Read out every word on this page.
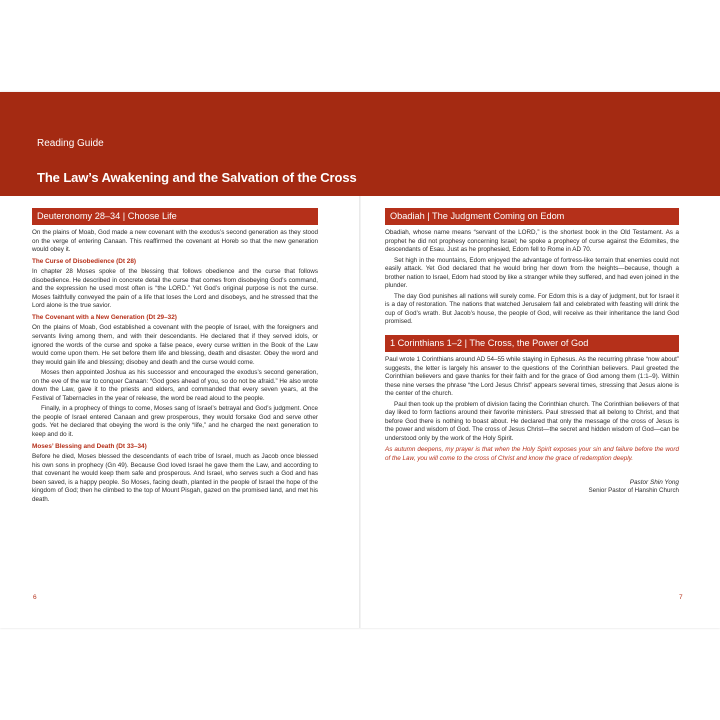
Reading Guide
The Law’s Awakening and the Salvation of the Cross
Deuteronomy 28–34 | Choose Life

On the plains of Moab, God made a new covenant with the exodus’s second generation as they stood on the verge of entering Canaan. This reaffirmed the covenant at Horeb so that the new generation would obey it.

The Curse of Disobedience (Dt 28)

In chapter 28 Moses spoke of the blessing that follows obedience and the curse that follows disobedience. He described in concrete detail the curse that comes from disobeying God’s command, and the expression he used most often is “the LORD.” Yet God’s original purpose is not the curse. Moses faithfully conveyed the pain of a life that loses the Lord and disobeys, and he stressed that the Lord alone is the true savior.

The Covenant with a New Generation (Dt 29–32)

On the plains of Moab, God established a covenant with the people of Israel, with the foreigners and servants living among them, and with their descendants. He declared that if they served idols, or ignored the words of the curse and spoke a false peace, every curse written in the Book of the Law would come upon them. He set before them life and blessing, death and disaster. Obey the word and they would gain life and blessing; disobey and death and the curse would come.

Moses then appointed Joshua as his successor and encouraged the exodus’s second generation, on the eve of the war to conquer Canaan: “God goes ahead of you, so do not be afraid.” He also wrote down the Law, gave it to the priests and elders, and commanded that every seven years, at the Festival of Tabernacles in the year of release, the word be read aloud to the people.

Finally, in a prophecy of things to come, Moses sang of Israel’s betrayal and God’s judgment. Once the people of Israel entered Canaan and grew prosperous, they would forsake God and serve other gods. Yet he declared that obeying the word is the only “life,” and he charged the next generation to keep and do it.

Moses’ Blessing and Death (Dt 33–34)

Before he died, Moses blessed the descendants of each tribe of Israel, much as Jacob once blessed his own sons in prophecy (Gn 49). Because God loved Israel he gave them the Law, and according to that covenant he would keep them safe and prosperous. And Israel, who serves such a God and has been saved, is a happy people. So Moses, facing death, planted in the people of Israel the hope of the kingdom of God; then he climbed to the top of Mount Pisgah, gazed on the promised land, and met his death.

Obadiah | The Judgment Coming on Edom

Obadiah, whose name means “servant of the LORD,” is the shortest book in the Old Testament. As a prophet he did not prophesy concerning Israel; he spoke a prophecy of curse against the Edomites, the descendants of Esau. Just as he prophesied, Edom fell to Rome in AD 70.

Set high in the mountains, Edom enjoyed the advantage of fortress-like terrain that enemies could not easily attack. Yet God declared that he would bring her down from the heights—because, though a brother nation to Israel, Edom had stood by like a stranger while they suffered, and had even joined in the plunder.

The day God punishes all nations will surely come. For Edom this is a day of judgment, but for Israel it is a day of restoration. The nations that watched Jerusalem fall and celebrated with feasting will drink the cup of God’s wrath. But Jacob’s house, the people of God, will receive as their inheritance the land God promised.

1 Corinthians 1–2 | The Cross, the Power of God

Paul wrote 1 Corinthians around AD 54–55 while staying in Ephesus. As the recurring phrase “now about” suggests, the letter is largely his answer to the questions of the Corinthian believers. Paul greeted the Corinthian believers and gave thanks for their faith and for the grace of God among them (1:1–9). Within these nine verses the phrase “the Lord Jesus Christ” appears several times, stressing that Jesus alone is the center of the church.

Paul then took up the problem of division facing the Corinthian church. The Corinthian believers of that day liked to form factions around their favorite ministers. Paul stressed that all belong to Christ, and that before God there is nothing to boast about. He declared that only the message of the cross of Jesus is the power and wisdom of God. The cross of Jesus Christ—the secret and hidden wisdom of God—can be understood only by the work of the Holy Spirit.

As autumn deepens, my prayer is that when the Holy Spirit exposes your sin and failure before the word of the Law, you will come to the cross of Christ and know the grace of redemption deeply.

Pastor Shin Yong
Senior Pastor of Hanshin Church
6	7
